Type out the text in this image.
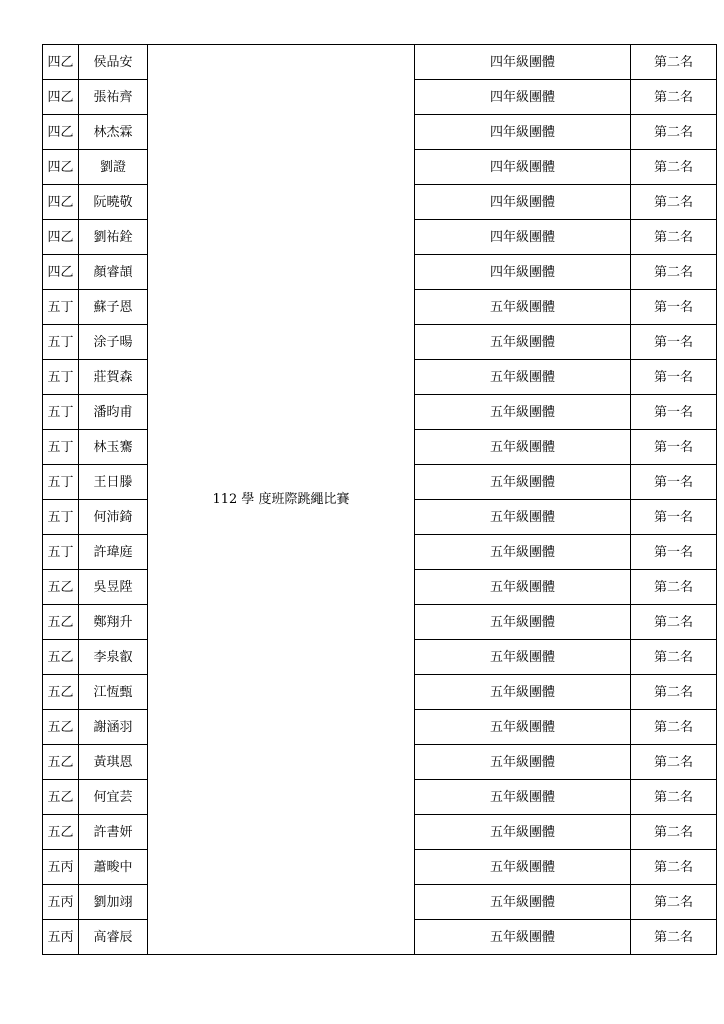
四乙	侯品安	112 學 度班際跳繩比賽	四年級團體	第二名
四乙	張祐齊		四年級團體	第二名
四乙	林杰霖		四年級團體	第二名
四乙	劉證		四年級團體	第二名
四乙	阮曉敬		四年級團體	第二名
四乙	劉祐銓		四年級團體	第二名
四乙	顏睿頡		四年級團體	第二名
五丁	蘇子恩		五年級團體	第一名
五丁	涂子暘		五年級團體	第一名
五丁	莊賀森		五年級團體	第一名
五丁	潘昀甫		五年級團體	第一名
五丁	林玉騫		五年級團體	第一名
五丁	王日滕		五年級團體	第一名
五丁	何沛錡		五年級團體	第一名
五丁	許瑋庭		五年級團體	第一名
五乙	吳昱陞		五年級團體	第二名
五乙	鄭翔升		五年級團體	第二名
五乙	李泉叡		五年級團體	第二名
五乙	江恆甄		五年級團體	第二名
五乙	謝涵羽		五年級團體	第二名
五乙	黃琪恩		五年級團體	第二名
五乙	何宜芸		五年級團體	第二名
五乙	許書妍		五年級團體	第二名
五丙	蕭畯中		五年級團體	第二名
五丙	劉加翊		五年級團體	第二名
五丙	高睿辰		五年級團體	第二名
